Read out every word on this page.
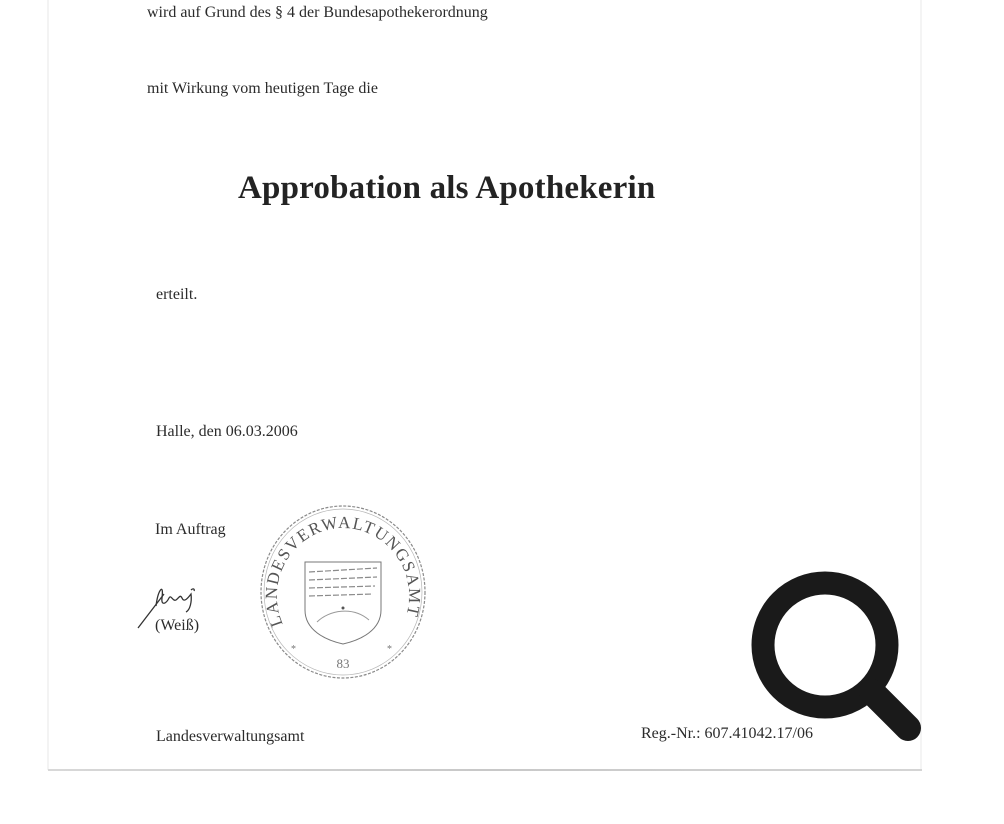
wird auf Grund des § 4 der Bundesapothekerordnung
mit Wirkung vom heutigen Tage die
Approbation als Apothekerin
erteilt.
Halle, den 06.03.2006
Im Auftrag
(Weiß)	LANDESVERWALTUNGSAMT
*	*
83
Landesverwaltungsamt	Reg.-Nr.: 607.41042.17/06
